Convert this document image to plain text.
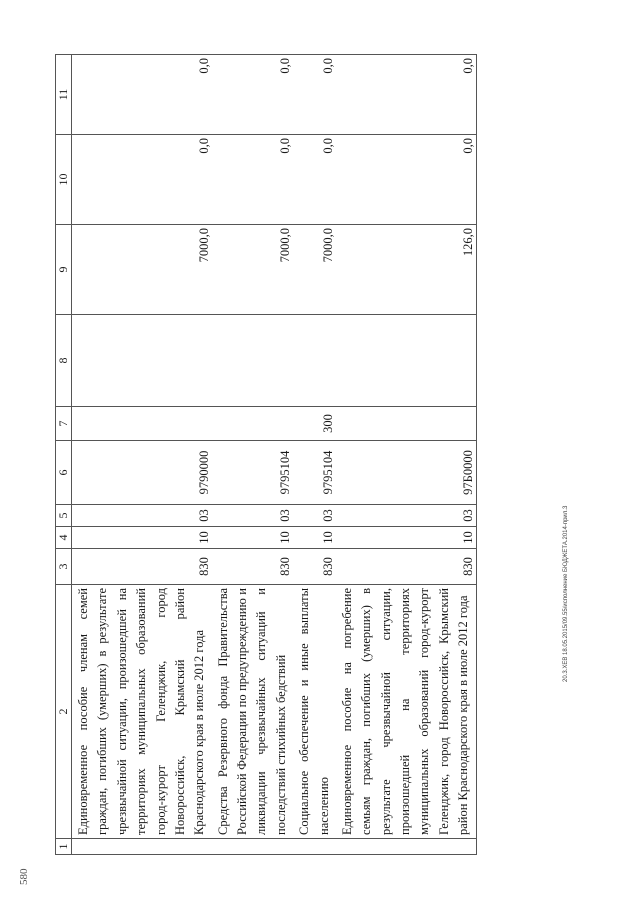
580
20.3.XEB 18.05.2015/09.55/исполнение БЮДЖЕТА.2014-прил.3
1	2	3	4	5	6	7	8	9	10	11
	Единовременное пособие членам семей граждан, погибших (умерших) в результате чрезвычайной ситуации, произошедшей на территориях муниципальных образований город-курорт Геленджик, город Новороссийск, Крымский район Краснодарского края в июле 2012 года	830	10	03	9790000			7000,0	0,0	0,0
	Средства Резервного фонда Правительства Российской Федерации по предупреждению и ликвидации чрезвычайных ситуаций и последствий стихийных бедствий	830	10	03	9795104			7000,0	0,0	0,0
	Социальное обеспечение и иные выплаты населению	830	10	03	9795104	300		7000,0	0,0	0,0
	Единовременное пособие на погребение семьям граждан, погибших (умерших) в результате чрезвычайной ситуации, произошедшей на территориях муниципальных образований город-курорт Геленджик, город Новороссийск, Крымский район Краснодарского края в июле 2012 года	830	10	03	97Б0000			126,0	0,0	0,0
